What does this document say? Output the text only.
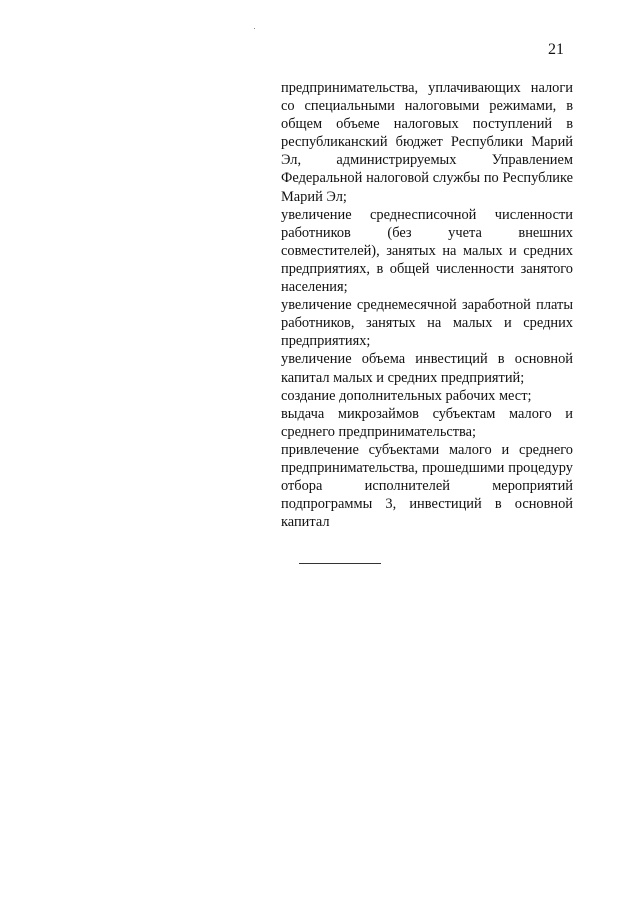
21

предпринимательства, уплачивающих налоги со специальными налоговыми режимами, в общем объеме налоговых поступлений в республиканский бюджет Республики Марий Эл, администрируемых Управлением Федеральной налоговой службы по Республике Марий Эл;

увеличение среднесписочной численности работников (без учета внешних совместителей), занятых на малых и средних предприятиях, в общей численности занятого населения;

увеличение среднемесячной заработной платы работников, занятых на малых и средних предприятиях;

увеличение объема инвестиций в основной капитал малых и средних предприятий;

создание дополнительных рабочих мест;

выдача микрозаймов субъектам малого и среднего предпринимательства;

привлечение субъектами малого и среднего предпринимательства, прошедшими процедуру отбора исполнителей мероприятий подпрограммы 3, инвестиций в основной капитал
